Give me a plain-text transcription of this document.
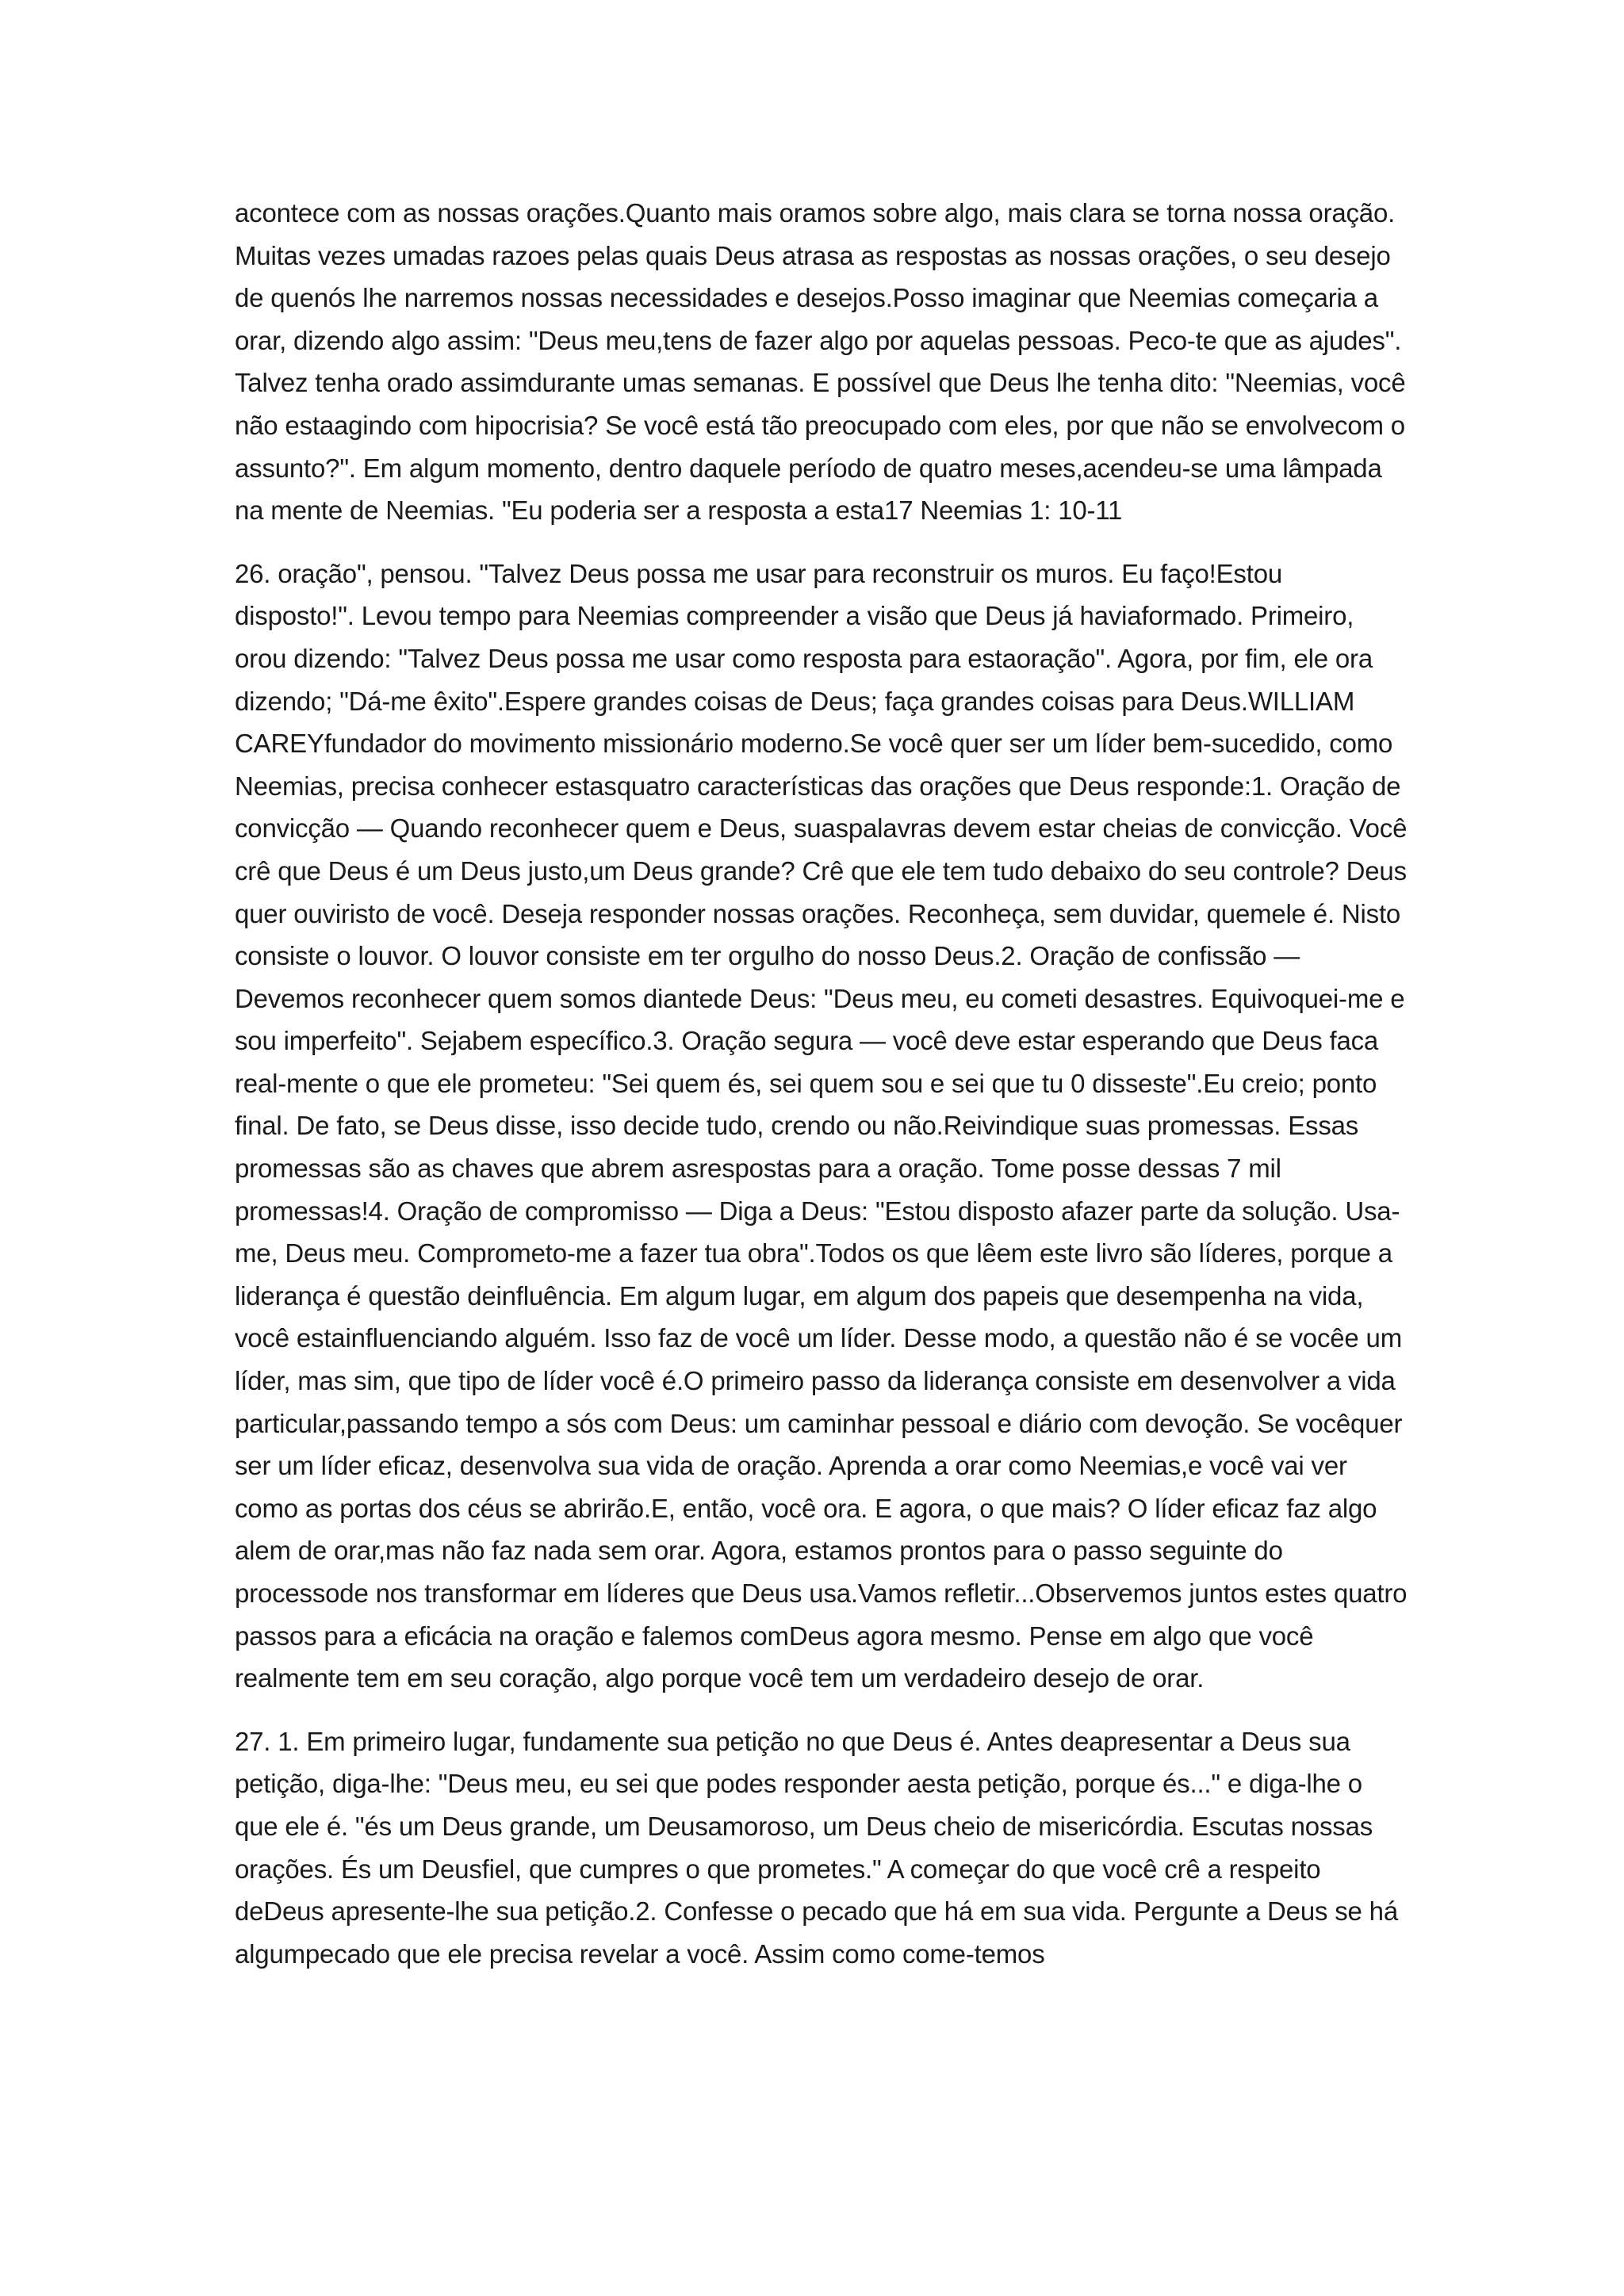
acontece com as nossas orações.Quanto mais oramos sobre algo, mais clara se torna nossa oração. Muitas vezes umadas razoes pelas quais Deus atrasa as respostas as nossas orações, o seu desejo de quenós lhe narremos nossas necessidades e desejos.Posso imaginar que Neemias começaria a orar, dizendo algo assim: "Deus meu,tens de fazer algo por aquelas pessoas. Peco-te que as ajudes". Talvez tenha orado assimdurante umas semanas. E possível que Deus lhe tenha dito: "Neemias, você não estaagindo com hipocrisia? Se você está tão preocupado com eles, por que não se envolvecom o assunto?". Em algum momento, dentro daquele período de quatro meses,acendeu-se uma lâmpada na mente de Neemias. "Eu poderia ser a resposta a esta17 Neemias 1: 10-11

26. oração", pensou. "Talvez Deus possa me usar para reconstruir os muros. Eu faço!Estou disposto!". Levou tempo para Neemias compreender a visão que Deus já haviaformado. Primeiro, orou dizendo: "Talvez Deus possa me usar como resposta para estaoração". Agora, por fim, ele ora dizendo; "Dá-me êxito".Espere grandes coisas de Deus; faça grandes coisas para Deus.WILLIAM CAREYfundador do movimento missionário moderno.Se você quer ser um líder bem-sucedido, como Neemias, precisa conhecer estasquatro características das orações que Deus responde:1. Oração de convicção — Quando reconhecer quem e Deus, suaspalavras devem estar cheias de convicção. Você crê que Deus é um Deus justo,um Deus grande? Crê que ele tem tudo debaixo do seu controle? Deus quer ouviristo de você. Deseja responder nossas orações. Reconheça, sem duvidar, quemele é. Nisto consiste o louvor. O louvor consiste em ter orgulho do nosso Deus.2. Oração de confissão — Devemos reconhecer quem somos diantede Deus: "Deus meu, eu cometi desastres. Equivoquei-me e sou imperfeito". Sejabem específico.3. Oração segura — você deve estar esperando que Deus faca real-mente o que ele prometeu: "Sei quem és, sei quem sou e sei que tu 0 disseste".Eu creio; ponto final. De fato, se Deus disse, isso decide tudo, crendo ou não.Reivindique suas promessas. Essas promessas são as chaves que abrem asrespostas para a oração. Tome posse dessas 7 mil promessas!4. Oração de compromisso — Diga a Deus: "Estou disposto afazer parte da solução. Usa-me, Deus meu. Comprometo-me a fazer tua obra".Todos os que lêem este livro são líderes, porque a liderança é questão deinfluência. Em algum lugar, em algum dos papeis que desempenha na vida, você estainfluenciando alguém. Isso faz de você um líder. Desse modo, a questão não é se vocêe um líder, mas sim, que tipo de líder você é.O primeiro passo da liderança consiste em desenvolver a vida particular,passando tempo a sós com Deus: um caminhar pessoal e diário com devoção. Se vocêquer ser um líder eficaz, desenvolva sua vida de oração. Aprenda a orar como Neemias,e você vai ver como as portas dos céus se abrirão.E, então, você ora. E agora, o que mais? O líder eficaz faz algo alem de orar,mas não faz nada sem orar. Agora, estamos prontos para o passo seguinte do processode nos transformar em líderes que Deus usa.Vamos refletir...Observemos juntos estes quatro passos para a eficácia na oração e falemos comDeus agora mesmo. Pense em algo que você realmente tem em seu coração, algo porque você tem um verdadeiro desejo de orar.

27. 1. Em primeiro lugar, fundamente sua petição no que Deus é. Antes deapresentar a Deus sua petição, diga-lhe: "Deus meu, eu sei que podes responder aesta petição, porque és..." e diga-lhe o que ele é. "és um Deus grande, um Deusamoroso, um Deus cheio de misericórdia. Escutas nossas orações. És um Deusfiel, que cumpres o que prometes." A começar do que você crê a respeito deDeus apresente-lhe sua petição.2. Confesse o pecado que há em sua vida. Pergunte a Deus se há algumpecado que ele precisa revelar a você. Assim como come-temos
